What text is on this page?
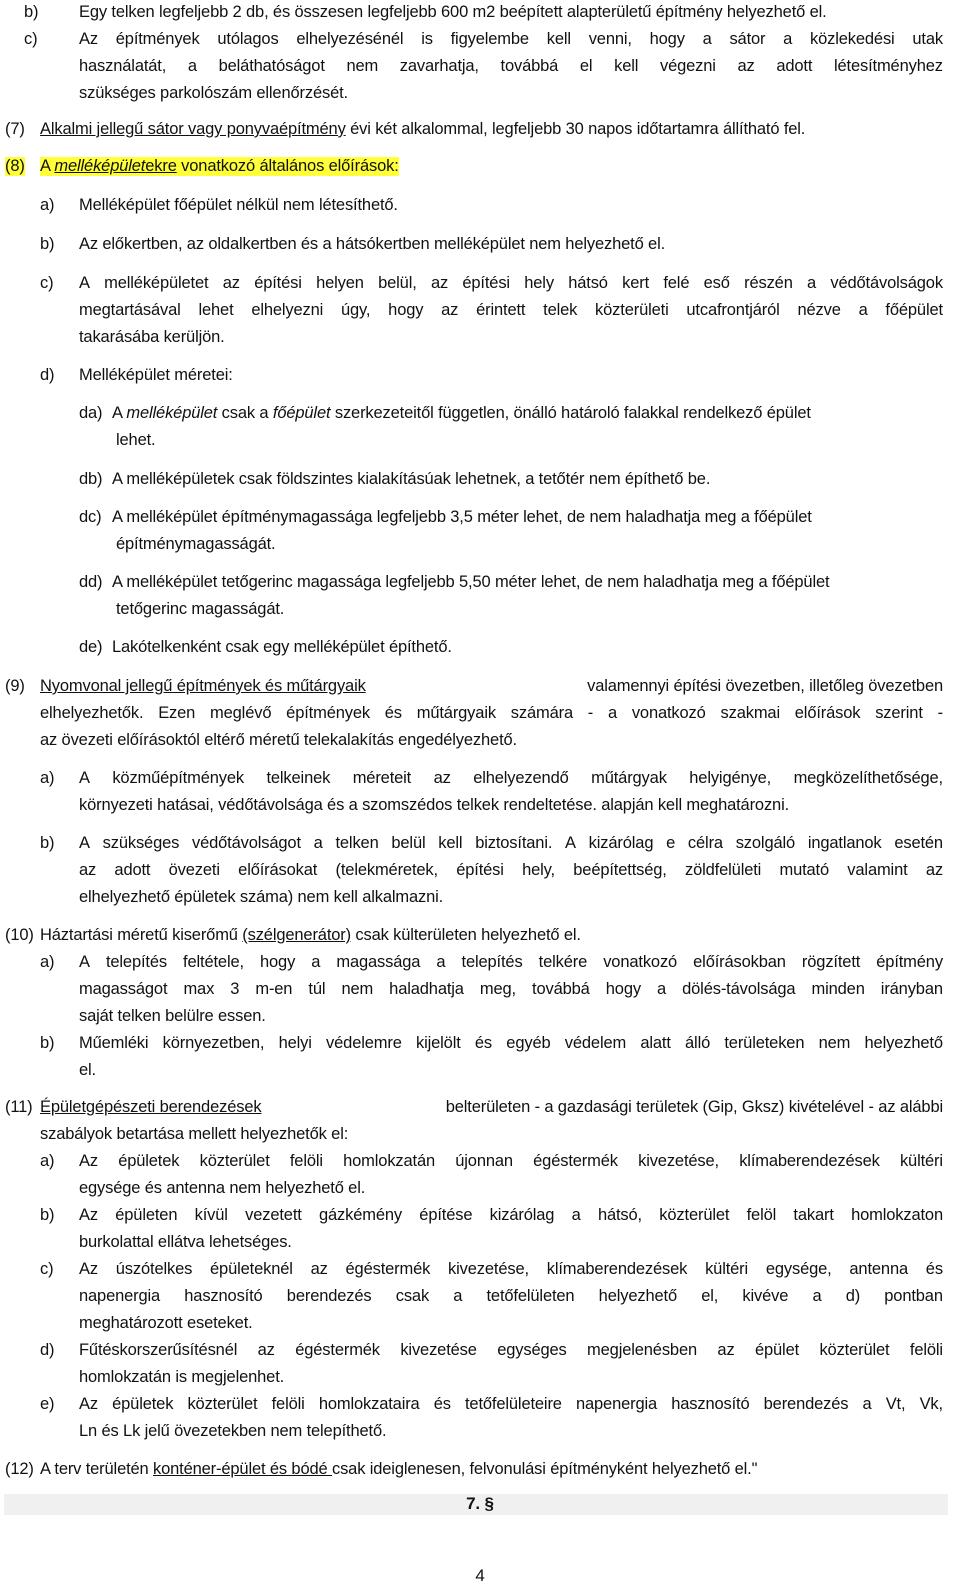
b) Egy telken legfeljebb 2 db, és összesen legfeljebb 600 m2 beépített alapterületű építmény helyezhető el.
c)	Az építmények utólagos elhelyezésénél is figyelembe kell venni, hogy a sátor a közlekedési utak
használatát, a beláthatóságot nem zavarhatja, továbbá el kell végezni az adott létesítményhez
szükséges parkolószám ellenőrzését.
(7) Alkalmi jellegű sátor vagy ponyvaépítmény évi két alkalommal, legfeljebb 30 napos időtartamra állítható fel.
(8) A melléképületekre vonatkozó általános előírások:
a) Melléképület főépület nélkül nem létesíthető.
b) Az előkertben, az oldalkertben és a hátsókertben melléképület nem helyezhető el.
c) A melléképületet az építési helyen belül, az építési hely hátsó kert felé eső részén a védőtávolságok
megtartásával lehet elhelyezni úgy, hogy az érintett telek közterületi utcafrontjáról nézve a főépület
takarásába kerüljön.
d) Melléképület méretei:
da) A melléképület csak a főépület szerkezeteitől független, önálló határoló falakkal rendelkező épület
lehet.
db) A melléképületek csak földszintes kialakításúak lehetnek, a tetőtér nem építhető be.
dc) A melléképület építménymagassága legfeljebb 3,5 méter lehet, de nem haladhatja meg a főépület
építménymagasságát.
dd) A melléképület tetőgerinc magassága legfeljebb 5,50 méter lehet, de nem haladhatja meg a főépület
tetőgerinc magasságát.
de) Lakótelkenként csak egy melléképület építhető.
(9) Nyomvonal jellegű építmények és műtárgyaik	valamennyi építési övezetben, illetőleg övezetben
elhelyezhetők. Ezen meglévő építmények és műtárgyaik számára - a vonatkozó szakmai előírások szerint -
az övezeti előírásoktól eltérő méretű telekalakítás engedélyezhető.
a) A közműépítmények telkeinek méreteit az elhelyezendő műtárgyak helyigénye, megközelíthetősége,
környezeti hatásai, védőtávolsága és a szomszédos telkek rendeltetése. alapján kell meghatározni.
b) A szükséges védőtávolságot a telken belül kell biztosítani. A kizárólag e célra szolgáló ingatlanok esetén
az adott övezeti előírásokat (telekméretek, építési hely, beépítettség, zöldfelületi mutató valamint az
elhelyezhető épületek száma) nem kell alkalmazni.
(10) Háztartási méretű kiserőmű (szélgenerátor) csak külterületen helyezhető el.
a) A telepítés feltétele, hogy a magassága a telepítés telkére vonatkozó előírásokban rögzített építmény
magasságot max 3 m-en túl nem haladhatja meg, továbbá hogy a dölés-távolsága minden irányban
saját telken belülre essen.
b) Műemléki környezetben, helyi védelemre kijelölt és egyéb védelem alatt álló területeken nem helyezhető
el.
(11) Épületgépészeti berendezések	belterületen - a gazdasági területek (Gip, Gksz) kivételével - az alábbi
szabályok betartása mellett helyezhetők el:
a) Az épületek közterület felöli homlokzatán újonnan égéstermék kivezetése, klímaberendezések kültéri
egysége és antenna nem helyezhető el.
b) Az épületen kívül vezetett gázkémény építése kizárólag a hátsó, közterület felöl takart homlokzaton
burkolattal ellátva lehetséges.
c) Az úszótelkes épületeknél az égéstermék kivezetése, klímaberendezések kültéri egysége, antenna és
napenergia hasznosító berendezés csak a tetőfelületen helyezhető el, kivéve a d) pontban
meghatározott eseteket.
d) Fűtéskorszerűsítésnél az égéstermék kivezetése egységes megjelenésben az épület közterület felöli
homlokzatán is megjelenhet.
e) Az épületek közterület felöli homlokzataira és tetőfelületeire napenergia hasznosító berendezés a Vt, Vk,
Ln és Lk jelű övezetekben nem telepíthető.
(12) A terv területén konténer-épület és bódé csak ideiglenesen, felvonulási építményként helyezhető el."
7. §
4
